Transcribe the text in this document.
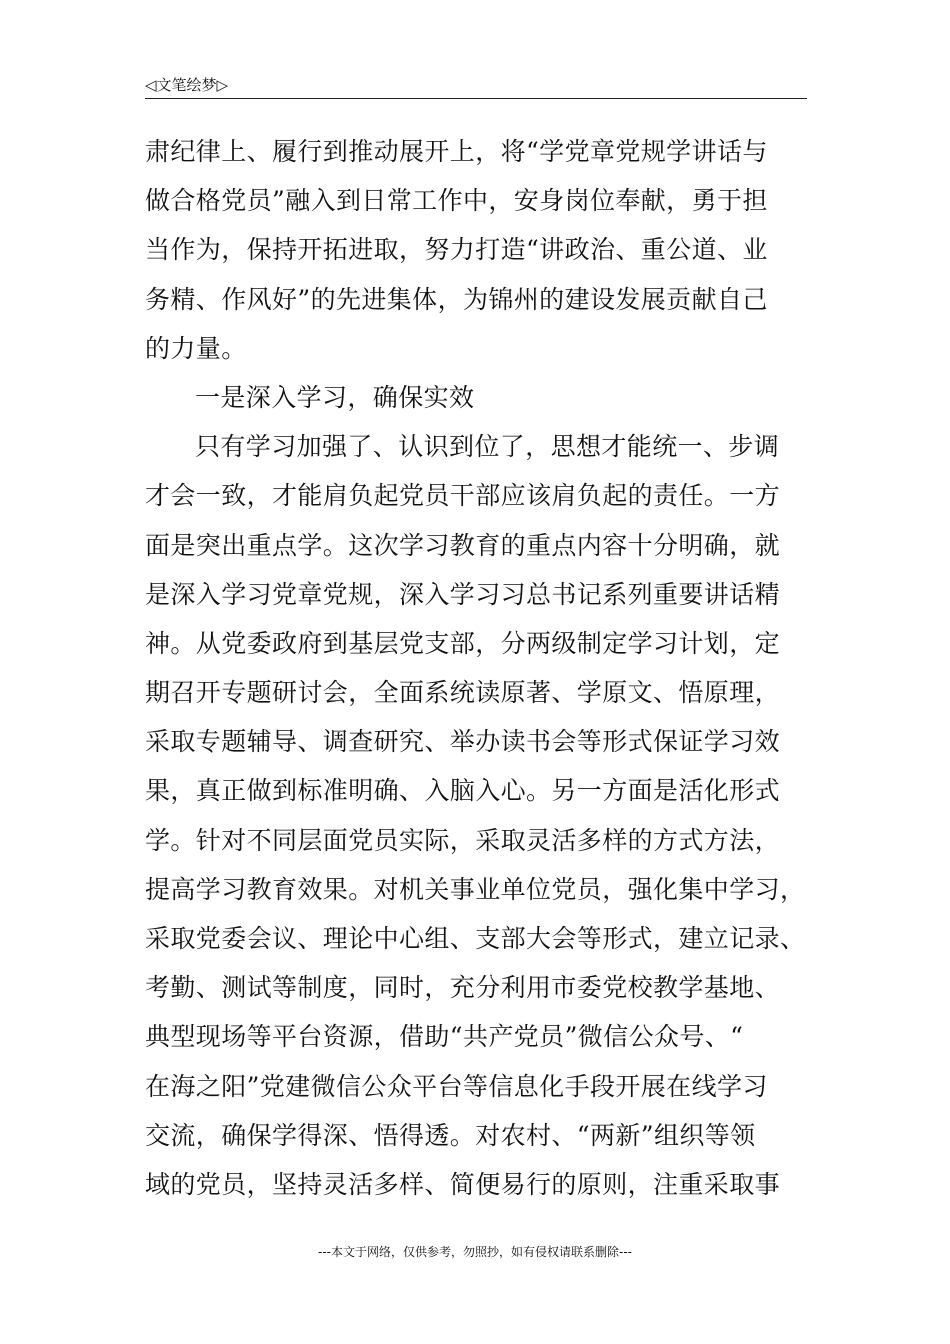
◁文笔绘梦▷
肃纪律上、履行到推动展开上，将“学党章党规学讲话与
做合格党员”融入到日常工作中，安身岗位奉献，勇于担
当作为，保持开拓进取，努力打造“讲政治、重公道、业
务精、作风好”的先进集体，为锦州的建设发展贡献自己
的力量。
一是深入学习，确保实效
只有学习加强了、认识到位了，思想才能统一、步调
才会一致，才能肩负起党员干部应该肩负起的责任。一方
面是突出重点学。这次学习教育的重点内容十分明确，就
是深入学习党章党规，深入学习习总书记系列重要讲话精
神。从党委政府到基层党支部，分两级制定学习计划，定
期召开专题研讨会，全面系统读原著、学原文、悟原理，
采取专题辅导、调查研究、举办读书会等形式保证学习效
果，真正做到标准明确、入脑入心。另一方面是活化形式
学。针对不同层面党员实际，采取灵活多样的方式方法，
提高学习教育效果。对机关事业单位党员，强化集中学习，
采取党委会议、理论中心组、支部大会等形式，建立记录、
考勤、测试等制度，同时，充分利用市委党校教学基地、
典型现场等平台资源，借助“共产党员”微信公众号、“
在海之阳”党建微信公众平台等信息化手段开展在线学习
交流，确保学得深、悟得透。对农村、“两新”组织等领
域的党员，坚持灵活多样、简便易行的原则，注重采取事
---本文于网络，仅供参考，勿照抄，如有侵权请联系删除---
